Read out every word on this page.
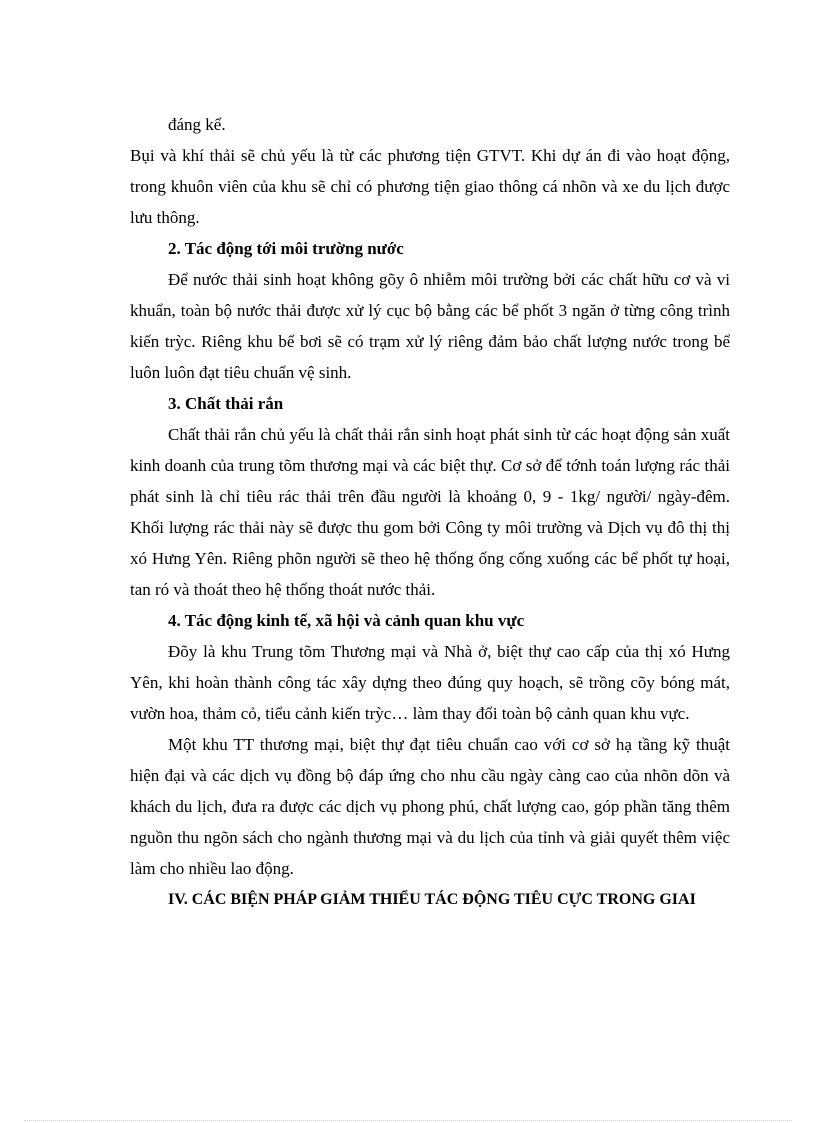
đáng kể.

Bụi và khí thải sẽ chủ yếu là từ các phương tiện GTVT. Khi dự án đi vào hoạt động, trong khuôn viên của khu sẽ chỉ có phương tiện giao thông cá nhõn và xe du lịch được lưu thông.

2. Tác động tới môi trường nước

Để nước thải sinh hoạt không gõy ô nhiễm môi trường bởi các chất hữu cơ và vi khuẩn, toàn bộ nước thải được xử lý cục bộ bằng các bể phốt 3 ngăn ở từng công trình kiến trỳc. Riêng khu bể bơi sẽ có trạm xử lý riêng đảm bảo chất lượng nước trong bể luôn luôn đạt tiêu chuẩn vệ sinh.

3. Chất thải rắn

Chất thải rắn chủ yếu là chất thải rắn sinh hoạt phát sinh từ các hoạt động sản xuất kinh doanh của trung tõm thương mại và các biệt thự. Cơ sở để tớnh toán lượng rác thải phát sinh là chỉ tiêu rác thải trên đầu người là khoảng 0, 9 - 1kg/ người/ ngày-đêm. Khối lượng rác thải này sẽ được thu gom bởi Công ty môi trường và Dịch vụ đô thị thị xó Hưng Yên. Riêng phõn người sẽ theo hệ thống ống cống xuống các bể phốt tự hoại, tan ró và thoát theo hệ thống thoát nước thải.

4. Tác động kinh tế, xã hội và cảnh quan khu vực

Đõy là khu Trung tõm Thương mại và Nhà ở, biệt thự cao cấp của thị xó Hưng Yên, khi hoàn thành công tác xây dựng theo đúng quy hoạch, sẽ trồng cõy bóng mát, vườn hoa, thảm cỏ, tiểu cảnh kiến trỳc… làm thay đổi toàn bộ cảnh quan khu vực.

Một khu TT thương mại, biệt thự đạt tiêu chuẩn cao với cơ sở hạ tầng kỹ thuật hiện đại và các dịch vụ đồng bộ đáp ứng cho nhu cầu ngày càng cao của nhõn dõn và khách du lịch, đưa ra được các dịch vụ phong phú, chất lượng cao, góp phần tăng thêm nguồn thu ngõn sách cho ngành thương mại và du lịch của tỉnh và giải quyết thêm việc làm cho nhiều lao động.

IV. CÁC BIỆN PHÁP GIẢM THIỂU TÁC ĐỘNG TIÊU CỰC TRONG GIAI
